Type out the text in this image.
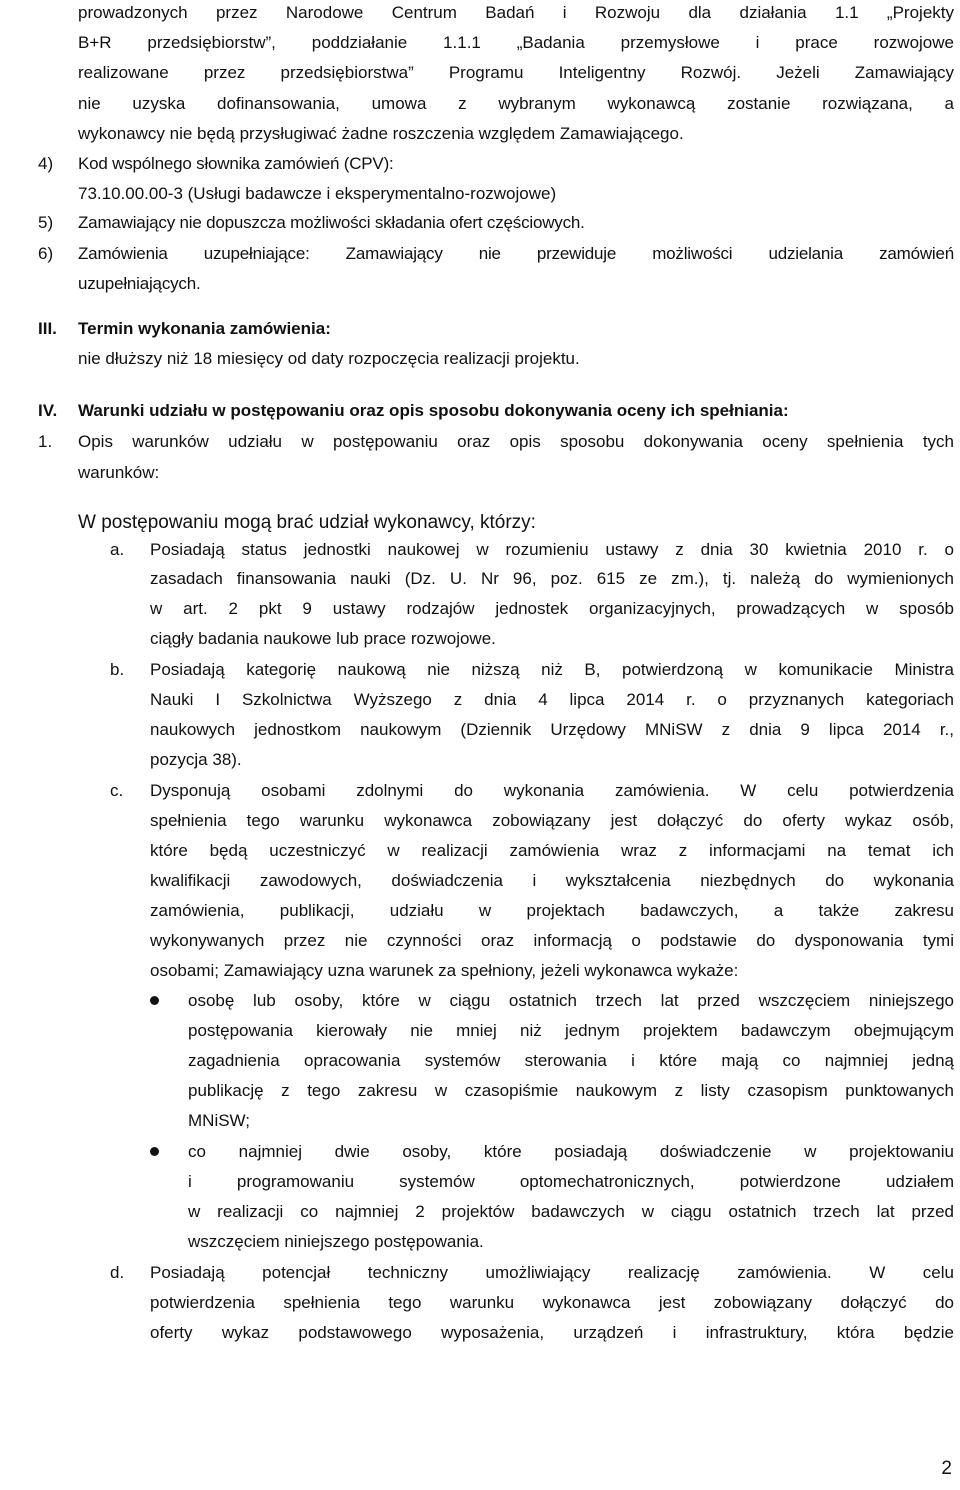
prowadzonych przez Narodowe Centrum Badań i Rozwoju dla działania 1.1 „Projekty
B+R przedsiębiorstw”, poddziałanie 1.1.1 „Badania przemysłowe i prace rozwojowe
realizowane przez przedsiębiorstwa” Programu Inteligentny Rozwój. Jeżeli Zamawiający
nie uzyska dofinansowania, umowa z wybranym wykonawcą zostanie rozwiązana, a
wykonawcy nie będą przysługiwać żadne roszczenia względem Zamawiającego.
4) Kod wspólnego słownika zamówień (CPV):
73.10.00.00-3 (Usługi badawcze i eksperymentalno-rozwojowe)
5) Zamawiający nie dopuszcza możliwości składania ofert częściowych.
6) Zamówienia uzupełniające: Zamawiający nie przewiduje możliwości udzielania zamówień
uzupełniających.
III. Termin wykonania zamówienia:
nie dłuższy niż 18 miesięcy od daty rozpoczęcia realizacji projektu.
IV. Warunki udziału w postępowaniu oraz opis sposobu dokonywania oceny ich spełniania:
1. Opis warunków udziału w postępowaniu oraz opis sposobu dokonywania oceny spełnienia tych
warunków:
W postępowaniu mogą brać udział wykonawcy, którzy:
a. Posiadają status jednostki naukowej w rozumieniu ustawy z dnia 30 kwietnia 2010 r. o
zasadach finansowania nauki (Dz. U. Nr 96, poz. 615 ze zm.), tj. należą do wymienionych
w art. 2 pkt 9 ustawy rodzajów jednostek organizacyjnych, prowadzących w sposób
ciągły badania naukowe lub prace rozwojowe.
b. Posiadają kategorię naukową nie niższą niż B, potwierdzoną w komunikacie Ministra
Nauki I Szkolnictwa Wyższego z dnia 4 lipca 2014 r. o przyznanych kategoriach
naukowych jednostkom naukowym (Dziennik Urzędowy MNiSW z dnia 9 lipca 2014 r.,
pozycja 38).
c. Dysponują osobami zdolnymi do wykonania zamówienia. W celu potwierdzenia
spełnienia tego warunku wykonawca zobowiązany jest dołączyć do oferty wykaz osób,
które będą uczestniczyć w realizacji zamówienia wraz z informacjami na temat ich
kwalifikacji zawodowych, doświadczenia i wykształcenia niezbędnych do wykonania
zamówienia, publikacji, udziału w projektach badawczych, a także zakresu
wykonywanych przez nie czynności oraz informacją o podstawie do dysponowania tymi
osobami; Zamawiający uzna warunek za spełniony, jeżeli wykonawca wykaże:
osobę lub osoby, które w ciągu ostatnich trzech lat przed wszczęciem niniejszego
postępowania kierowały nie mniej niż jednym projektem badawczym obejmującym
zagadnienia opracowania systemów sterowania i które mają co najmniej jedną
publikację z tego zakresu w czasopiśmie naukowym z listy czasopism punktowanych
MNiSW;
co najmniej dwie osoby, które posiadają doświadczenie w projektowaniu
i programowaniu systemów optomechatronicznych, potwierdzone udziałem
w realizacji co najmniej 2 projektów badawczych w ciągu ostatnich trzech lat przed
wszczęciem niniejszego postępowania.
d. Posiadają potencjał techniczny umożliwiający realizację zamówienia. W celu
potwierdzenia spełnienia tego warunku wykonawca jest zobowiązany dołączyć do
oferty wykaz podstawowego wyposażenia, urządzeń i infrastruktury, która będzie
2
